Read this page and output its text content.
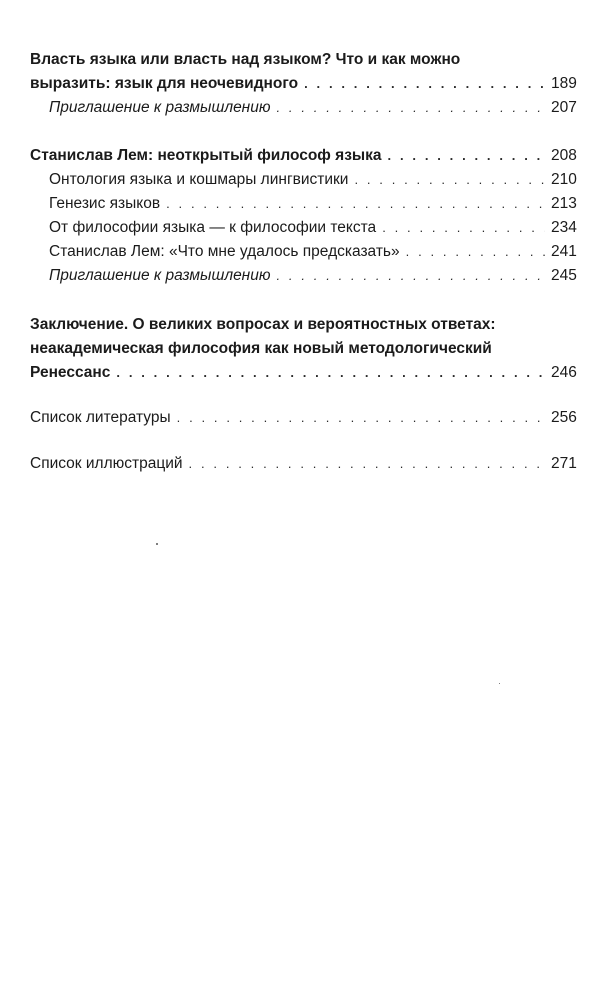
Власть языка или власть над языком? Что и как можно
выразить: язык для неочевидного . . .	189
Приглашение к размышлению . . .	207
Станислав Лем: неоткрытый философ языка . . .	208
Онтология языка и кошмары лингвистики . . .	210
Генезис языков . . .	213
От философии языка — к философии текста . . .	234
Станислав Лем: «Что мне удалось предсказать» . . .	241
Приглашение к размышлению . . .	245
Заключение. О великих вопросах и вероятностных ответах:
неакадемическая философия как новый методологический
Ренессанс . . .	246
Список литературы . . .	256
Список иллюстраций . . .	271
